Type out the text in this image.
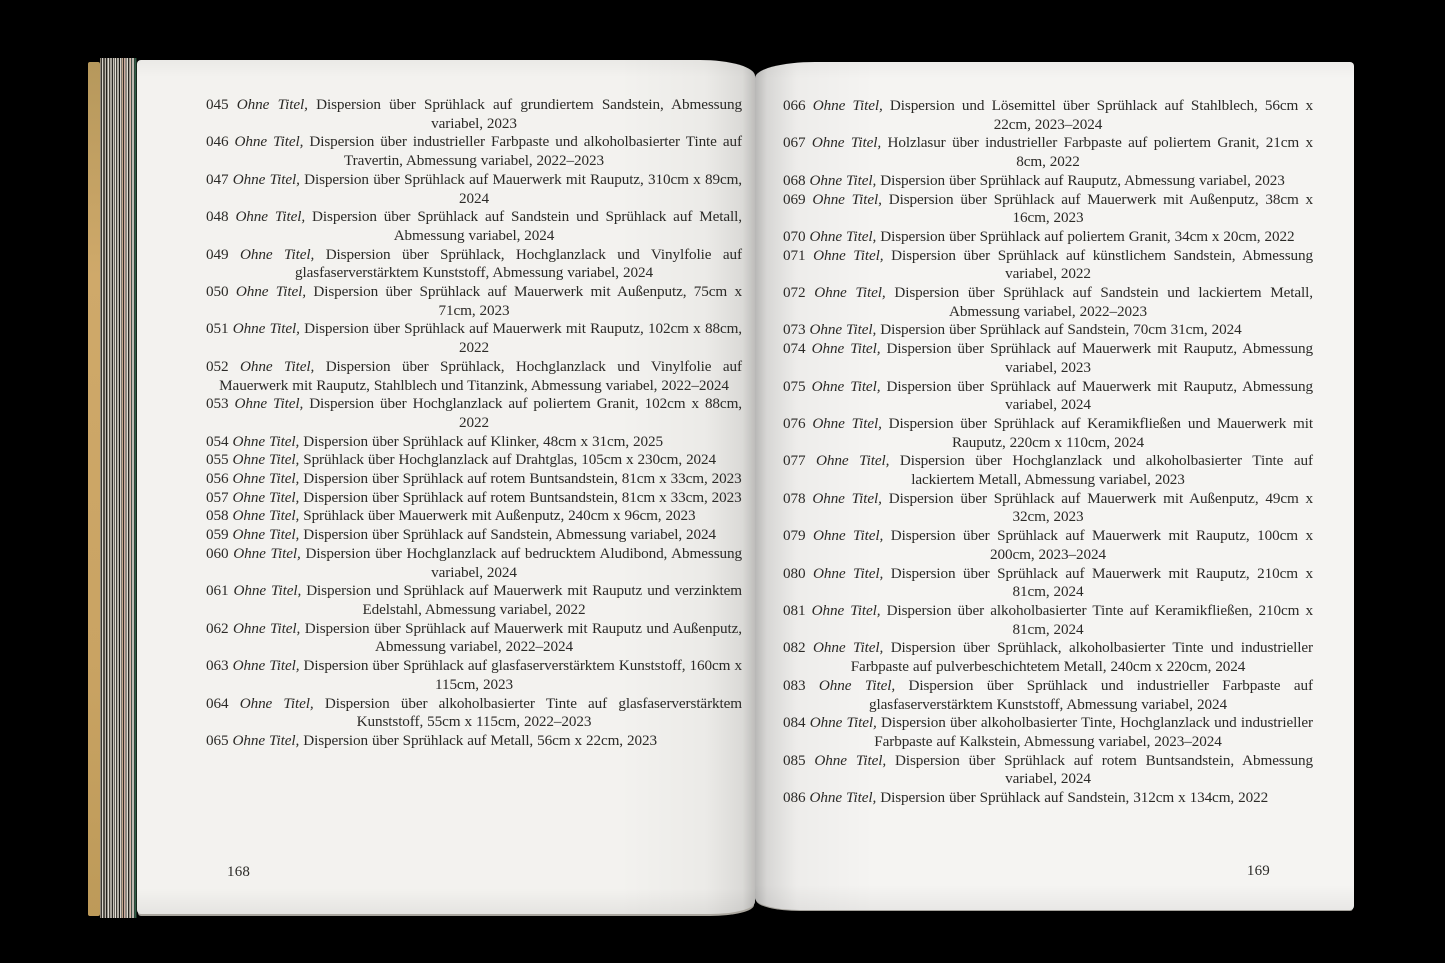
045 Ohne Titel, Dispersion über Sprühlack auf grundiertem Sandstein, Abmessung variabel, 2023

046 Ohne Titel, Dispersion über industrieller Farbpaste und alkoholbasierter Tinte auf Travertin, Abmessung variabel, 2022–2023

047 Ohne Titel, Dispersion über Sprühlack auf Mauerwerk mit Rauputz, 310cm x 89cm, 2024

048 Ohne Titel, Dispersion über Sprühlack auf Sandstein und Sprühlack auf Metall, Abmessung variabel, 2024

049 Ohne Titel, Dispersion über Sprühlack, Hochglanzlack und Vinylfolie auf glasfaserverstärktem Kunststoff, Abmessung variabel, 2024

050 Ohne Titel, Dispersion über Sprühlack auf Mauerwerk mit Außenputz, 75cm x 71cm, 2023

051 Ohne Titel, Dispersion über Sprühlack auf Mauerwerk mit Rauputz, 102cm x 88cm, 2022

052 Ohne Titel, Dispersion über Sprühlack, Hochglanzlack und Vinylfolie auf Mauerwerk mit Rauputz, Stahlblech und Titanzink, Abmessung variabel, 2022–2024

053 Ohne Titel, Dispersion über Hochglanzlack auf poliertem Granit, 102cm x 88cm, 2022

054 Ohne Titel, Dispersion über Sprühlack auf Klinker, 48cm x 31cm, 2025

055 Ohne Titel, Sprühlack über Hochglanzlack auf Drahtglas, 105cm x 230cm, 2024

056 Ohne Titel, Dispersion über Sprühlack auf rotem Buntsandstein, 81cm x 33cm, 2023

057 Ohne Titel, Dispersion über Sprühlack auf rotem Buntsandstein, 81cm x 33cm, 2023

058 Ohne Titel, Sprühlack über Mauerwerk mit Außenputz, 240cm x 96cm, 2023

059 Ohne Titel, Dispersion über Sprühlack auf Sandstein, Abmessung variabel, 2024

060 Ohne Titel, Dispersion über Hochglanzlack auf bedrucktem Aludibond, Abmessung variabel, 2024

061 Ohne Titel, Dispersion und Sprühlack auf Mauerwerk mit Rauputz und verzinktem Edelstahl, Abmessung variabel, 2022

062 Ohne Titel, Dispersion über Sprühlack auf Mauerwerk mit Rauputz und Außenputz, Abmessung variabel, 2022–2024

063 Ohne Titel, Dispersion über Sprühlack auf glasfaserverstärktem Kunststoff, 160cm x 115cm, 2023

064 Ohne Titel, Dispersion über alkoholbasierter Tinte auf glasfaserverstärktem Kunststoff, 55cm x 115cm, 2022–2023

065 Ohne Titel, Dispersion über Sprühlack auf Metall, 56cm x 22cm, 2023

168

066 Ohne Titel, Dispersion und Lösemittel über Sprühlack auf Stahlblech, 56cm x 22cm, 2023–2024

067 Ohne Titel, Holzlasur über industrieller Farbpaste auf poliertem Granit, 21cm x 8cm, 2022

068 Ohne Titel, Dispersion über Sprühlack auf Rauputz, Abmessung variabel, 2023

069 Ohne Titel, Dispersion über Sprühlack auf Mauerwerk mit Außenputz, 38cm x 16cm, 2023

070 Ohne Titel, Dispersion über Sprühlack auf poliertem Granit, 34cm x 20cm, 2022

071 Ohne Titel, Dispersion über Sprühlack auf künstlichem Sandstein, Abmessung variabel, 2022

072 Ohne Titel, Dispersion über Sprühlack auf Sandstein und lackiertem Metall, Abmessung variabel, 2022–2023

073 Ohne Titel, Dispersion über Sprühlack auf Sandstein, 70cm 31cm, 2024

074 Ohne Titel, Dispersion über Sprühlack auf Mauerwerk mit Rauputz, Abmessung variabel, 2023

075 Ohne Titel, Dispersion über Sprühlack auf Mauerwerk mit Rauputz, Abmessung variabel, 2024

076 Ohne Titel, Dispersion über Sprühlack auf Keramikfließen und Mauerwerk mit Rauputz, 220cm x 110cm, 2024

077 Ohne Titel, Dispersion über Hochglanzlack und alkoholbasierter Tinte auf lackiertem Metall, Abmessung variabel, 2023

078 Ohne Titel, Dispersion über Sprühlack auf Mauerwerk mit Außenputz, 49cm x 32cm, 2023

079 Ohne Titel, Dispersion über Sprühlack auf Mauerwerk mit Rauputz, 100cm x 200cm, 2023–2024

080 Ohne Titel, Dispersion über Sprühlack auf Mauerwerk mit Rauputz, 210cm x 81cm, 2024

081 Ohne Titel, Dispersion über alkoholbasierter Tinte auf Keramikfließen, 210cm x 81cm, 2024

082 Ohne Titel, Dispersion über Sprühlack, alkoholbasierter Tinte und industrieller Farbpaste auf pulverbeschichtetem Metall, 240cm x 220cm, 2024

083 Ohne Titel, Dispersion über Sprühlack und industrieller Farbpaste auf glasfaserverstärktem Kunststoff, Abmessung variabel, 2024

084 Ohne Titel, Dispersion über alkoholbasierter Tinte, Hochglanzlack und industrieller Farbpaste auf Kalkstein, Abmessung variabel, 2023–2024

085 Ohne Titel, Dispersion über Sprühlack auf rotem Buntsandstein, Abmessung variabel, 2024

086 Ohne Titel, Dispersion über Sprühlack auf Sandstein, 312cm x 134cm, 2022

169
